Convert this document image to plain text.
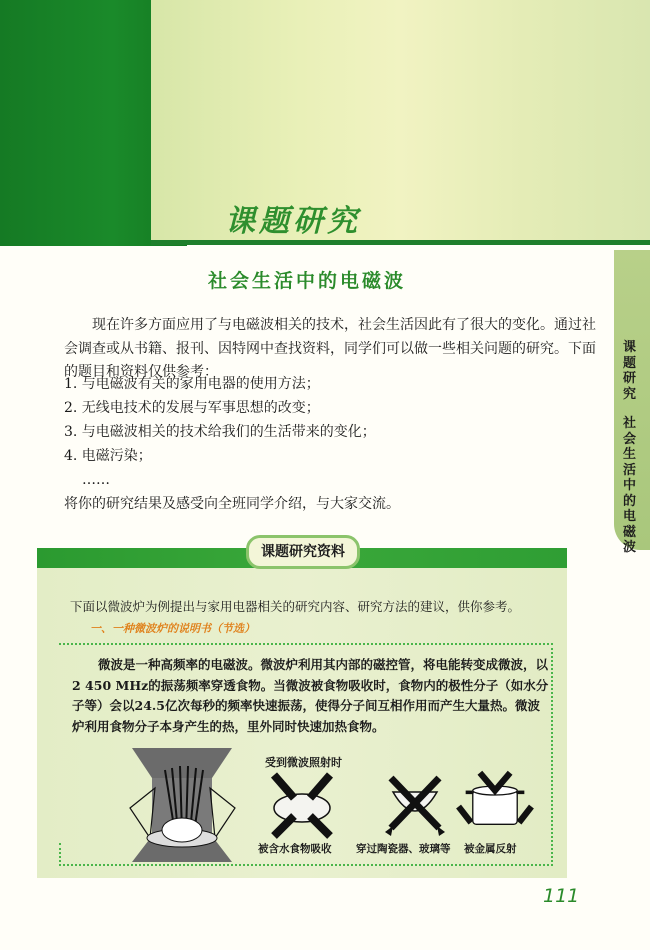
课题研究
课题研究
社会生活中的电磁波
社会生活中的电磁波

现在许多方面应用了与电磁波相关的技术，社会生活因此有了很大的变化。通过社会调查或从书籍、报刊、因特网中查找资料，同学们可以做一些相关问题的研究。下面的题目和资料仅供参考：

1. 与电磁波有关的家用电器的使用方法；
2. 无线电技术的发展与军事思想的改变；
3. 与电磁波相关的技术给我们的生活带来的变化；
4. 电磁污染；
……
将你的研究结果及感受向全班同学介绍，与大家交流。
课题研究资料
下面以微波炉为例提出与家用电器相关的研究内容、研究方法的建议，供你参考。
一、一种微波炉的说明书（节选）

微波是一种高频率的电磁波。微波炉利用其内部的磁控管，将电能转变成微波，以2 450 MHz的振荡频率穿透食物。当微波被食物吸收时，食物内的极性分子（如水分子等）会以24.5亿次每秒的频率快速振荡，使得分子间互相作用而产生大量热。微波炉利用食物分子本身产生的热，里外同时快速加热食物。

受到微波照射时
被含水食物吸收 穿过陶瓷器、玻璃等 被金属反射
111
